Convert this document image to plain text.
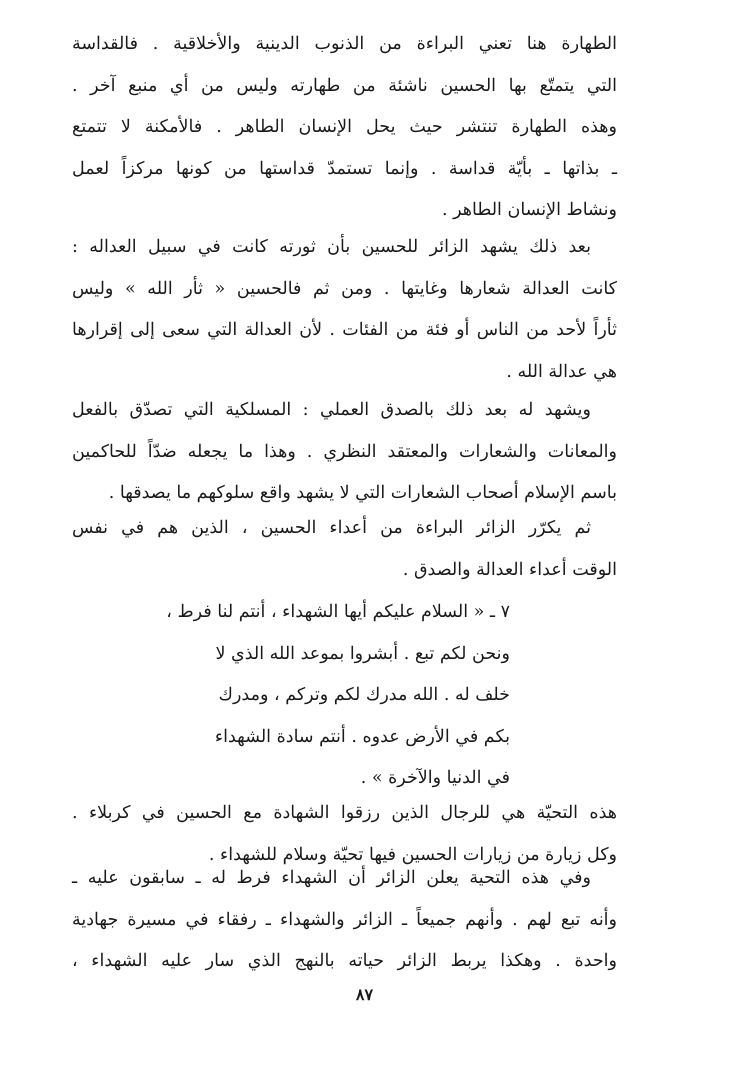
الطهارة هنا تعني البراءة من الذنوب الدينية والأخلاقية . فالقداسة
التي يتمتّع بها الحسين ناشئة من طهارته وليس من أي منبع آخر .
وهذه الطهارة تنتشر حيث يحل الإنسان الطاهر . فالأمكنة لا تتمتع
ـ بذاتها ـ بأيّة قداسة . وإنما تستمدّ قداستها من كونها مركزاً لعمل
ونشاط الإنسان الطاهر .
بعد ذلك يشهد الزائر للحسين بأن ثورته كانت في سبيل العداله :
كانت العدالة شعارها وغايتها . ومن ثم فالحسين « ثأر الله » وليس
ثأراً لأحد من الناس أو فئة من الفئات . لأن العدالة التي سعى إلى إقرارها
هي عدالة الله .
ويشهد له بعد ذلك بالصدق العملي : المسلكية التي تصدّق بالفعل
والمعانات والشعارات والمعتقد النظري . وهذا ما يجعله ضدّاً للحاكمين
باسم الإسلام أصحاب الشعارات التي لا يشهد واقع سلوكهم ما يصدقها .
ثم يكرّر الزائر البراءة من أعداء الحسين ، الذين هم في نفس
الوقت أعداء العدالة والصدق .
٧ ـ « السلام عليكم أيها الشهداء ، أنتم لنا فرط ،
ونحن لكم تبع . أبشروا بموعد الله الذي لا
خلف له . الله مدرك لكم وتركم ، ومدرك
بكم في الأرض عدوه . أنتم سادة الشهداء
في الدنيا والآخرة » .
هذه التحيّة هي للرجال الذين رزقوا الشهادة مع الحسين في كربلاء .
وكل زيارة من زيارات الحسين فيها تحيّة وسلام للشهداء .
وفي هذه التحية يعلن الزائر أن الشهداء فرط له ـ سابقون عليه ـ
وأنه تبع لهم . وأنهم جميعاً ـ الزائر والشهداء ـ رفقاء في مسيرة جهادية
واحدة . وهكذا يربط الزائر حياته بالنهج الذي سار عليه الشهداء ،
٨٧
